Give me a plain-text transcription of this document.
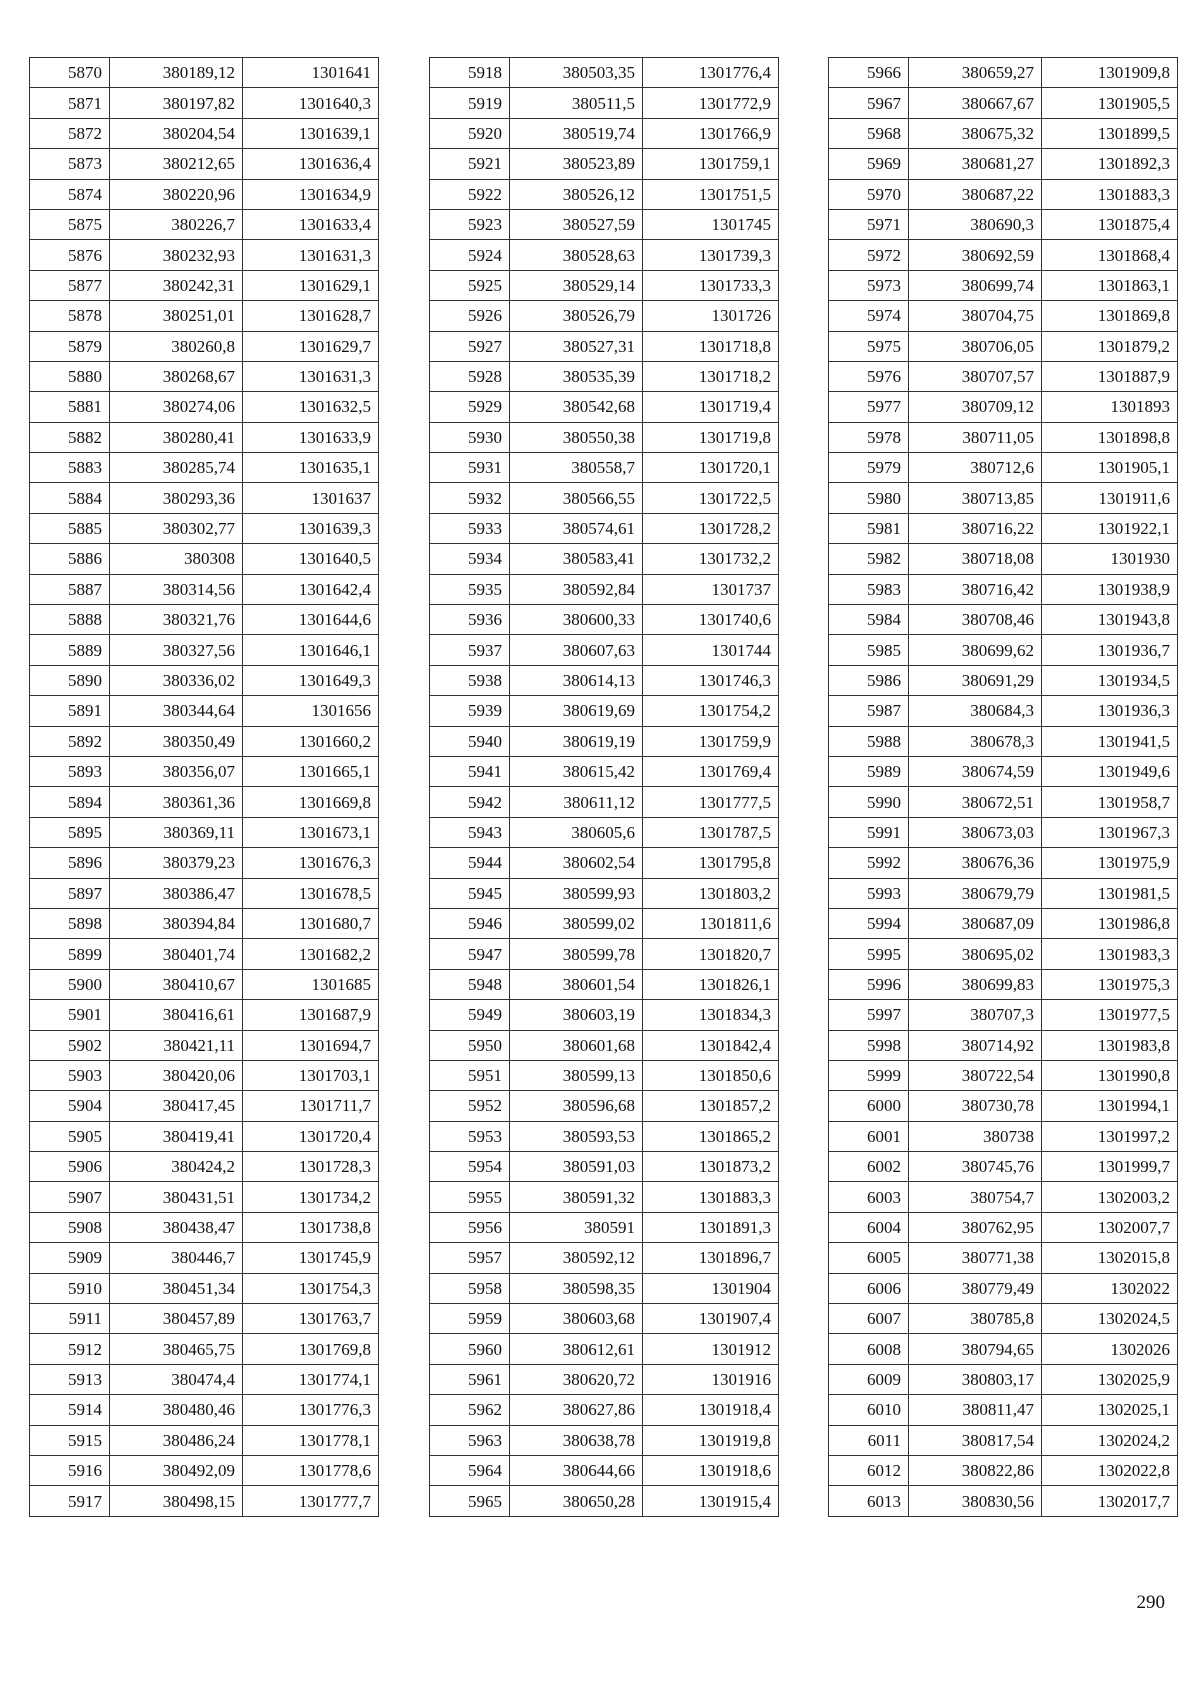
5870	380189,12	1301641
5871	380197,82	1301640,3
5872	380204,54	1301639,1
5873	380212,65	1301636,4
5874	380220,96	1301634,9
5875	380226,7	1301633,4
5876	380232,93	1301631,3
5877	380242,31	1301629,1
5878	380251,01	1301628,7
5879	380260,8	1301629,7
5880	380268,67	1301631,3
5881	380274,06	1301632,5
5882	380280,41	1301633,9
5883	380285,74	1301635,1
5884	380293,36	1301637
5885	380302,77	1301639,3
5886	380308	1301640,5
5887	380314,56	1301642,4
5888	380321,76	1301644,6
5889	380327,56	1301646,1
5890	380336,02	1301649,3
5891	380344,64	1301656
5892	380350,49	1301660,2
5893	380356,07	1301665,1
5894	380361,36	1301669,8
5895	380369,11	1301673,1
5896	380379,23	1301676,3
5897	380386,47	1301678,5
5898	380394,84	1301680,7
5899	380401,74	1301682,2
5900	380410,67	1301685
5901	380416,61	1301687,9
5902	380421,11	1301694,7
5903	380420,06	1301703,1
5904	380417,45	1301711,7
5905	380419,41	1301720,4
5906	380424,2	1301728,3
5907	380431,51	1301734,2
5908	380438,47	1301738,8
5909	380446,7	1301745,9
5910	380451,34	1301754,3
5911	380457,89	1301763,7
5912	380465,75	1301769,8
5913	380474,4	1301774,1
5914	380480,46	1301776,3
5915	380486,24	1301778,1
5916	380492,09	1301778,6
5917	380498,15	1301777,7
5918	380503,35	1301776,4
5919	380511,5	1301772,9
5920	380519,74	1301766,9
5921	380523,89	1301759,1
5922	380526,12	1301751,5
5923	380527,59	1301745
5924	380528,63	1301739,3
5925	380529,14	1301733,3
5926	380526,79	1301726
5927	380527,31	1301718,8
5928	380535,39	1301718,2
5929	380542,68	1301719,4
5930	380550,38	1301719,8
5931	380558,7	1301720,1
5932	380566,55	1301722,5
5933	380574,61	1301728,2
5934	380583,41	1301732,2
5935	380592,84	1301737
5936	380600,33	1301740,6
5937	380607,63	1301744
5938	380614,13	1301746,3
5939	380619,69	1301754,2
5940	380619,19	1301759,9
5941	380615,42	1301769,4
5942	380611,12	1301777,5
5943	380605,6	1301787,5
5944	380602,54	1301795,8
5945	380599,93	1301803,2
5946	380599,02	1301811,6
5947	380599,78	1301820,7
5948	380601,54	1301826,1
5949	380603,19	1301834,3
5950	380601,68	1301842,4
5951	380599,13	1301850,6
5952	380596,68	1301857,2
5953	380593,53	1301865,2
5954	380591,03	1301873,2
5955	380591,32	1301883,3
5956	380591	1301891,3
5957	380592,12	1301896,7
5958	380598,35	1301904
5959	380603,68	1301907,4
5960	380612,61	1301912
5961	380620,72	1301916
5962	380627,86	1301918,4
5963	380638,78	1301919,8
5964	380644,66	1301918,6
5965	380650,28	1301915,4
5966	380659,27	1301909,8
5967	380667,67	1301905,5
5968	380675,32	1301899,5
5969	380681,27	1301892,3
5970	380687,22	1301883,3
5971	380690,3	1301875,4
5972	380692,59	1301868,4
5973	380699,74	1301863,1
5974	380704,75	1301869,8
5975	380706,05	1301879,2
5976	380707,57	1301887,9
5977	380709,12	1301893
5978	380711,05	1301898,8
5979	380712,6	1301905,1
5980	380713,85	1301911,6
5981	380716,22	1301922,1
5982	380718,08	1301930
5983	380716,42	1301938,9
5984	380708,46	1301943,8
5985	380699,62	1301936,7
5986	380691,29	1301934,5
5987	380684,3	1301936,3
5988	380678,3	1301941,5
5989	380674,59	1301949,6
5990	380672,51	1301958,7
5991	380673,03	1301967,3
5992	380676,36	1301975,9
5993	380679,79	1301981,5
5994	380687,09	1301986,8
5995	380695,02	1301983,3
5996	380699,83	1301975,3
5997	380707,3	1301977,5
5998	380714,92	1301983,8
5999	380722,54	1301990,8
6000	380730,78	1301994,1
6001	380738	1301997,2
6002	380745,76	1301999,7
6003	380754,7	1302003,2
6004	380762,95	1302007,7
6005	380771,38	1302015,8
6006	380779,49	1302022
6007	380785,8	1302024,5
6008	380794,65	1302026
6009	380803,17	1302025,9
6010	380811,47	1302025,1
6011	380817,54	1302024,2
6012	380822,86	1302022,8
6013	380830,56	1302017,7
290
